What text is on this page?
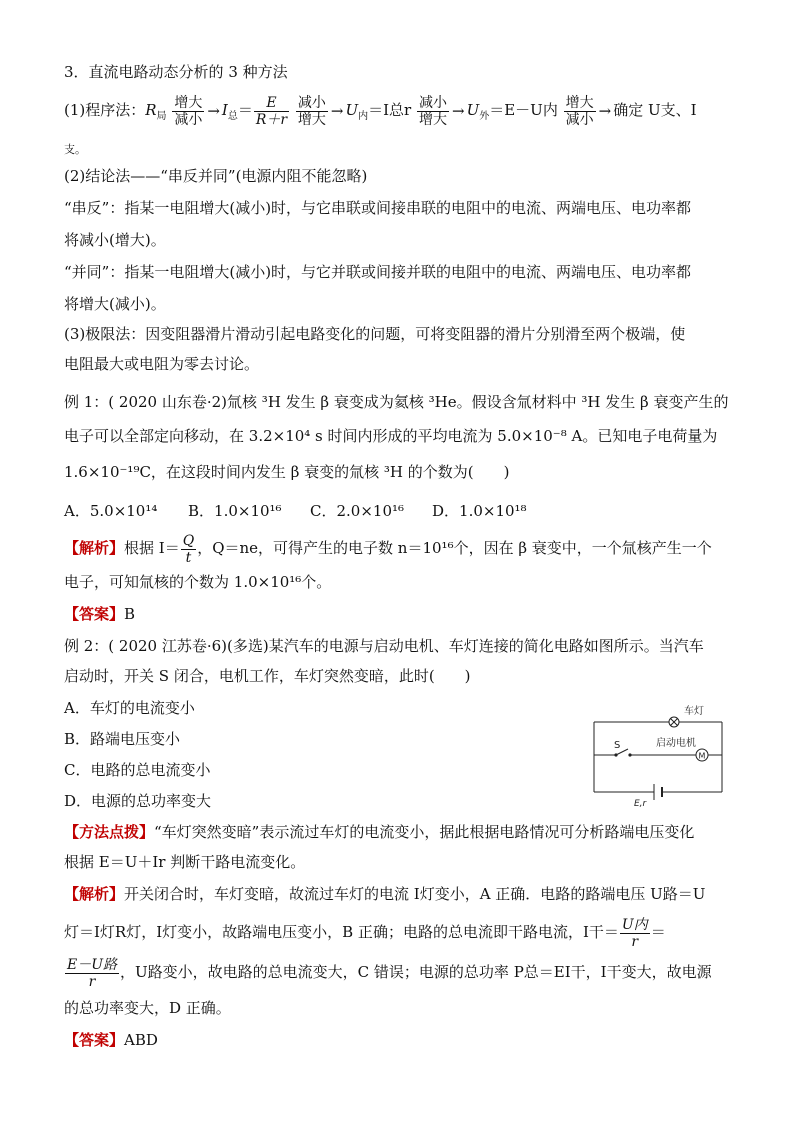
3．直流电路动态分析的 3 种方法
(1)程序法：$R_局 \frac{\text{增大}}{\text{减小}} \to I_总= \frac{E}{R+r}$
$\frac{\text{减小}}{\text{增大}} \to U_内=I$总r $\frac{\text{减小}}{\text{增大}} \to U_外=E-U$内 $\frac{\text{增大}}{\text{减小}}$ → 确定 U支、I
支。
(2)结论法——“串反并同”(电源内阻不能忽略)
“串反”：指某一电阻增大(减小)时，与它串联或间接串联的电阻中的电流、两端电压、电功率都
将减小(增大)。
“并同”：指某一电阻增大(减小)时，与它并联或间接并联的电阻中的电流、两端电压、电功率都
将增大(减小)。
(3)极限法：因变阻器滑片滑动引起电路变化的问题，可将变阻器的滑片分别滑至两个极端，使
电阻最大或电阻为零去讨论。
例 1：( 2020 山东卷·2)氚核 ³H 发生 β 衰变成为氦核 ³He。假设含氚材料中 ³H 发生 β 衰变产生的
电子可以全部定向移动，在 3.2×10⁴ s 时间内形成的平均电流为 5.0×10⁻⁸ A。已知电子电荷量为
1.6×10⁻¹⁹C，在这段时间内发生 β 衰变的氚核 ³H 的个数为(　　)
A．5.0×10¹⁴ B．1.0×10¹⁶ C．2.0×10¹⁶ D．1.0×10¹⁸
【解析】根据 $I= \frac{Q}{t}$ ，Q＝ne，可得产生的电子数 n＝10¹⁶个，因在 β 衰变中，一个氚核产生一个
电子，可知氚核的个数为 1.0×10¹⁶个。
【答案】B
例 2：( 2020 江苏卷·6)(多选)某汽车的电源与启动电机、车灯连接的简化电路如图所示。当汽车
启动时，开关 S 闭合，电机工作，车灯突然变暗，此时(　　)
A．车灯的电流变小
B．路端电压变小
C．电路的总电流变小
D．电源的总功率变大
M
车灯
S	启动电机
E,r
【方法点拨】“车灯突然变暗”表示流过车灯的电流变小，据此根据电路情况可分析路端电压变化
根据 E＝U＋Ir 判断干路电流变化。
【解析】开关闭合时，车灯变暗，故流过车灯的电流 I灯变小，A 正确．电路的路端电压 U路＝U
灯＝I灯R灯，I灯变小，故路端电压变小，B 正确；电路的总电流即干路电流，I干＝ $\frac{\text{U内}}{r}$ ＝
$\frac{\text{E－U路}}{r}$ ，U路变小，故电路的总电流变大，C 错误；电源的总功率 P总＝EI干，I干变大，故电源
的总功率变大，D 正确。
【答案】ABD
